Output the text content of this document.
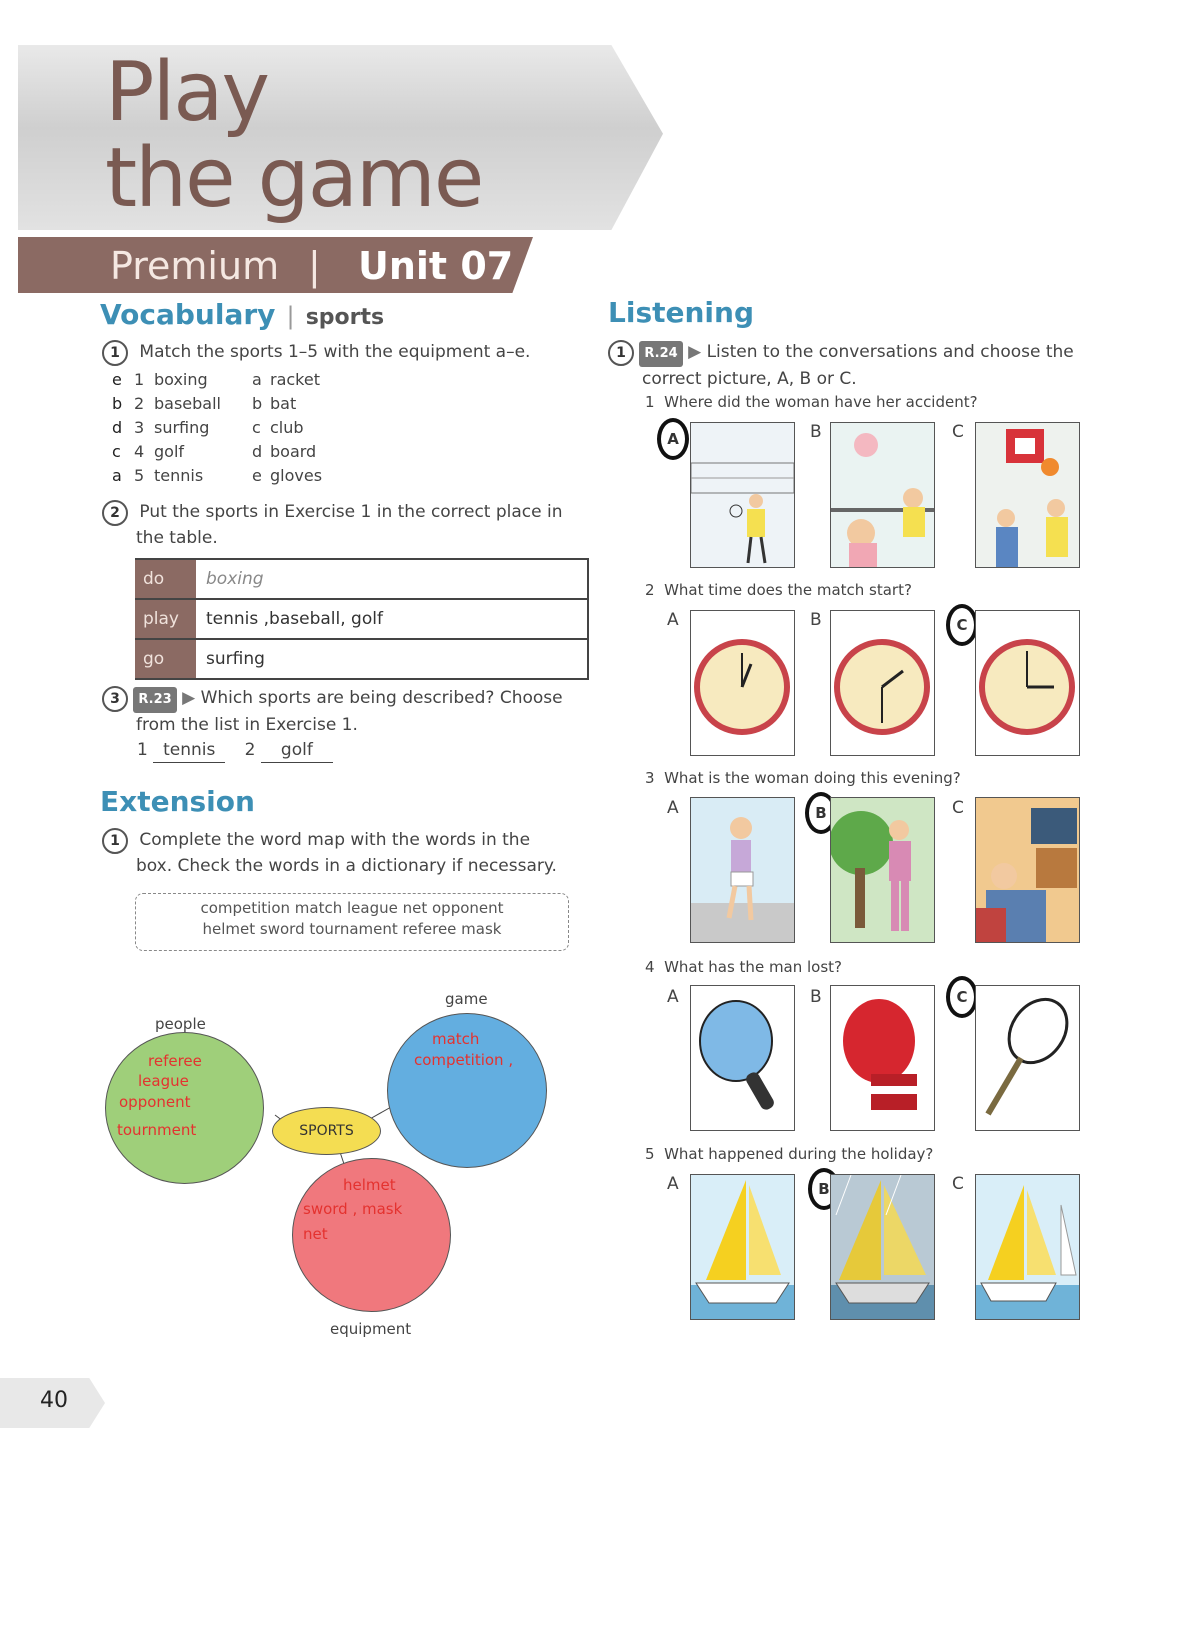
Play
the game
Premium | Unit 07
Vocabulary | sports
1 Match the sports 1–5 with the equipment a–e.
e 1 boxing	a racket
b 2 baseball b bat
d 3 surfing	c club
c 4 golf	d board
a 5 tennis	e gloves
2 Put the sports in Exercise 1 in the correct place in
the table.
do	boxing
play	tennis ,baseball, golf
go	surfing
3 R.23 ▶ Which sports are being described? Choose
from the list in Exercise 1.
1 tennis 2 golf
Extension
1 Complete the word map with the words in the
box. Check the words in a dictionary if necessary.
competition match league net opponent
helmet sword tournament referee mask
SPORTS
people
game
equipment
referee
league
opponent
tournment
match
competition ,
helmet
sword , mask
net
Listening
1 R.24 ▶ Listen to the conversations and choose the
correct picture, A, B or C.
1 Where did the woman have her accident?
A	B	C
2 What time does the match start?
A	B	C
3 What is the woman doing this evening?
A	B	C
4 What has the man lost?
A	B	C
5 What happened during the holiday?
A	B	C
40
